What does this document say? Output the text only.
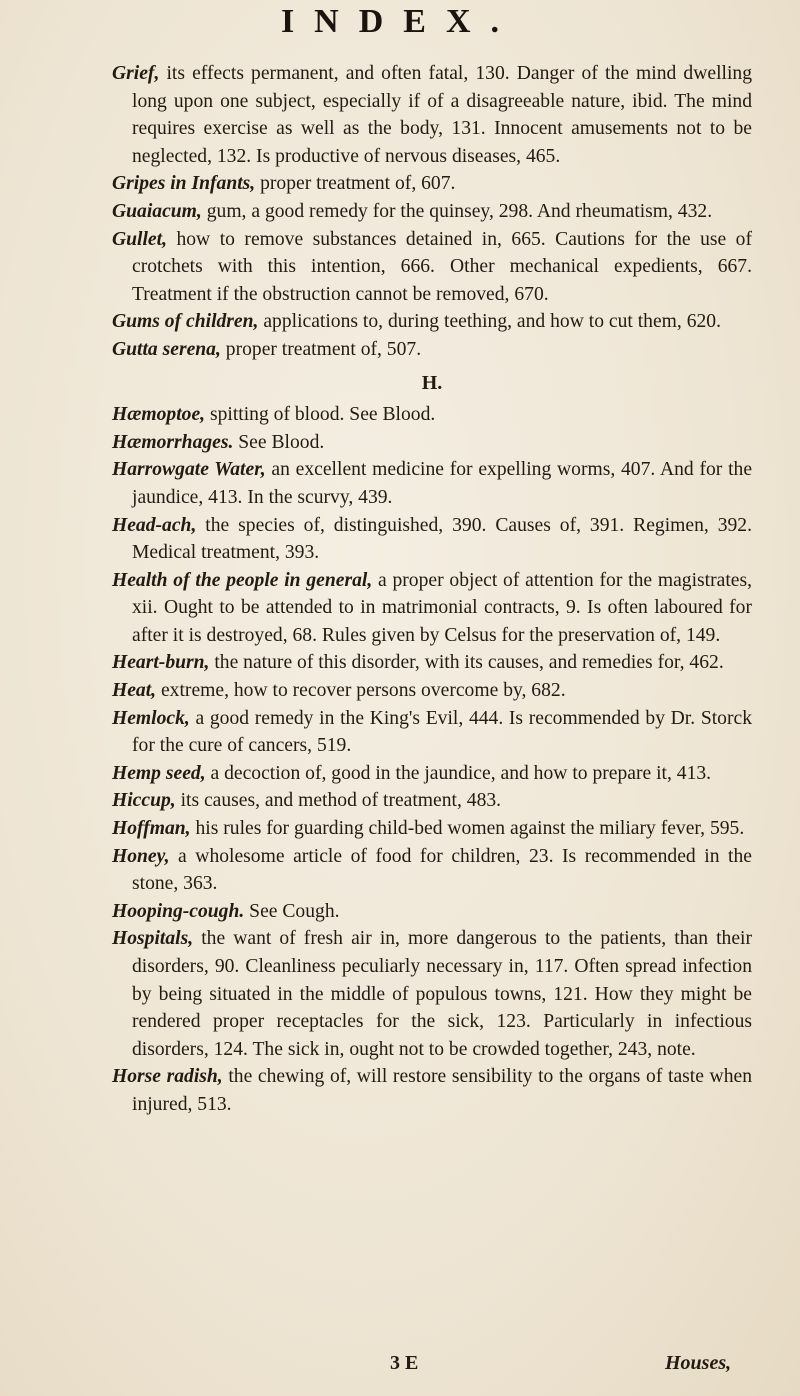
INDEX.

Grief, its effects permanent, and often fatal, 130. Danger of the mind dwelling long upon one subject, especially if of a disagreeable nature, ibid. The mind requires exercise as well as the body, 131. Innocent amusements not to be neglected, 132. Is productive of nervous diseases, 465.

Gripes in Infants, proper treatment of, 607.

Guaiacum, gum, a good remedy for the quinsey, 298. And rheumatism, 432.

Gullet, how to remove substances detained in, 665. Cautions for the use of crotchets with this intention, 666. Other mechanical expedients, 667. Treatment if the obstruction cannot be removed, 670.

Gums of children, applications to, during teething, and how to cut them, 620.

Gutta serena, proper treatment of, 507.

H.

Hæmoptoe, spitting of blood. See Blood.

Hæmorrhages. See Blood.

Harrowgate Water, an excellent medicine for expelling worms, 407. And for the jaundice, 413. In the scurvy, 439.

Head-ach, the species of, distinguished, 390. Causes of, 391. Regimen, 392. Medical treatment, 393.

Health of the people in general, a proper object of attention for the magistrates, xii. Ought to be attended to in matrimonial contracts, 9. Is often laboured for after it is destroyed, 68. Rules given by Celsus for the preservation of, 149.

Heart-burn, the nature of this disorder, with its causes, and remedies for, 462.

Heat, extreme, how to recover persons overcome by, 682.

Hemlock, a good remedy in the King's Evil, 444. Is recommended by Dr. Storck for the cure of cancers, 519.

Hemp seed, a decoction of, good in the jaundice, and how to prepare it, 413.

Hiccup, its causes, and method of treatment, 483.

Hoffman, his rules for guarding child-bed women against the miliary fever, 595.

Honey, a wholesome article of food for children, 23. Is recommended in the stone, 363.

Hooping-cough. See Cough.

Hospitals, the want of fresh air in, more dangerous to the patients, than their disorders, 90. Cleanliness peculiarly necessary in, 117. Often spread infection by being situated in the middle of populous towns, 121. How they might be rendered proper receptacles for the sick, 123. Particularly in infectious disorders, 124. The sick in, ought not to be crowded together, 243, note.

Horse radish, the chewing of, will restore sensibility to the organs of taste when injured, 513.

3 E	Houses,
